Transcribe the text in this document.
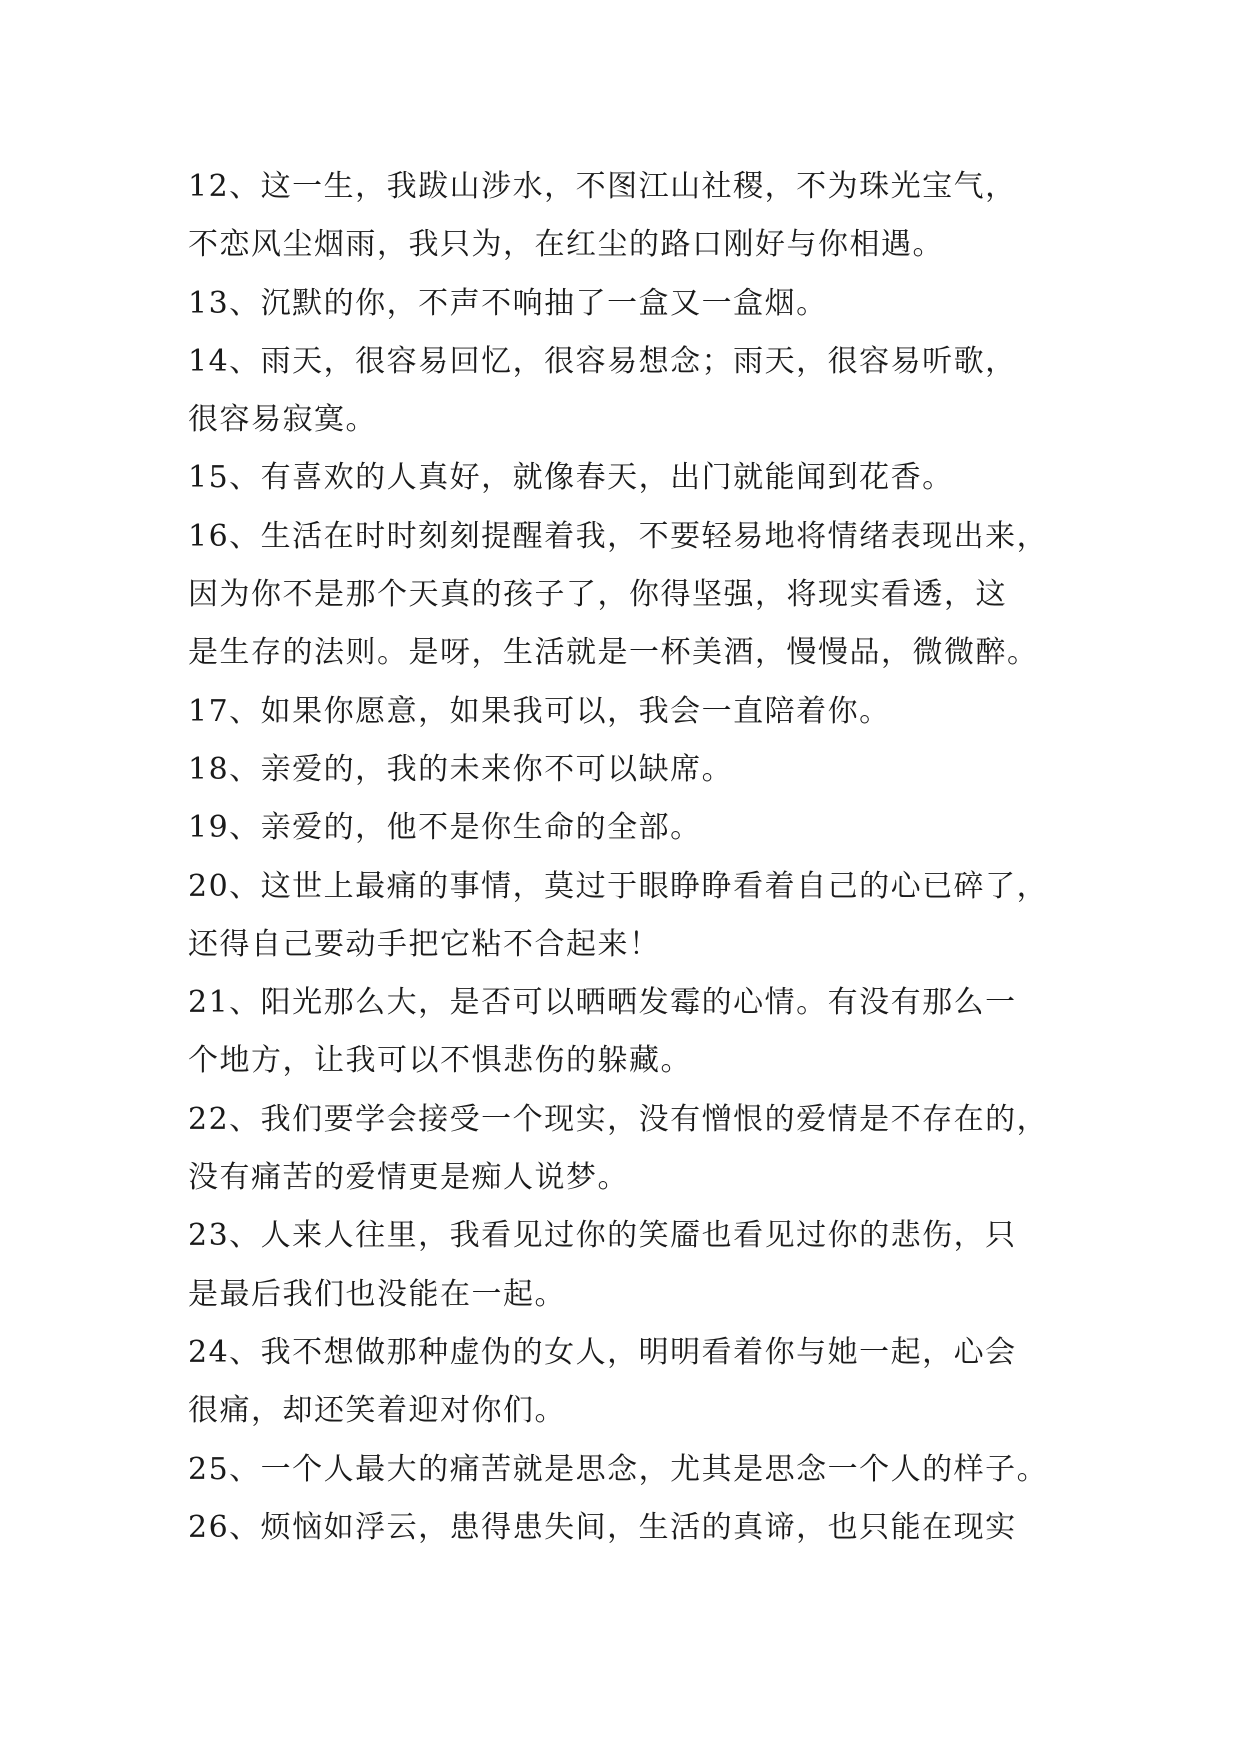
12、这一生，我跋山涉水，不图江山社稷，不为珠光宝气，
不恋风尘烟雨，我只为，在红尘的路口刚好与你相遇。
13、沉默的你，不声不响抽了一盒又一盒烟。
14、雨天，很容易回忆，很容易想念；雨天，很容易听歌，
很容易寂寞。
15、有喜欢的人真好，就像春天，出门就能闻到花香。
16、生活在时时刻刻提醒着我，不要轻易地将情绪表现出来，
因为你不是那个天真的孩子了，你得坚强，将现实看透，这
是生存的法则。是呀，生活就是一杯美酒，慢慢品，微微醉。
17、如果你愿意，如果我可以，我会一直陪着你。
18、亲爱的，我的未来你不可以缺席。
19、亲爱的，他不是你生命的全部。
20、这世上最痛的事情，莫过于眼睁睁看着自己的心已碎了，
还得自己要动手把它粘不合起来！
21、阳光那么大，是否可以晒晒发霉的心情。有没有那么一
个地方，让我可以不惧悲伤的躲藏。
22、我们要学会接受一个现实，没有憎恨的爱情是不存在的，
没有痛苦的爱情更是痴人说梦。
23、人来人往里，我看见过你的笑靥也看见过你的悲伤，只
是最后我们也没能在一起。
24、我不想做那种虚伪的女人，明明看着你与她一起，心会
很痛，却还笑着迎对你们。
25、一个人最大的痛苦就是思念，尤其是思念一个人的样子。
26、烦恼如浮云，患得患失间，生活的真谛，也只能在现实
